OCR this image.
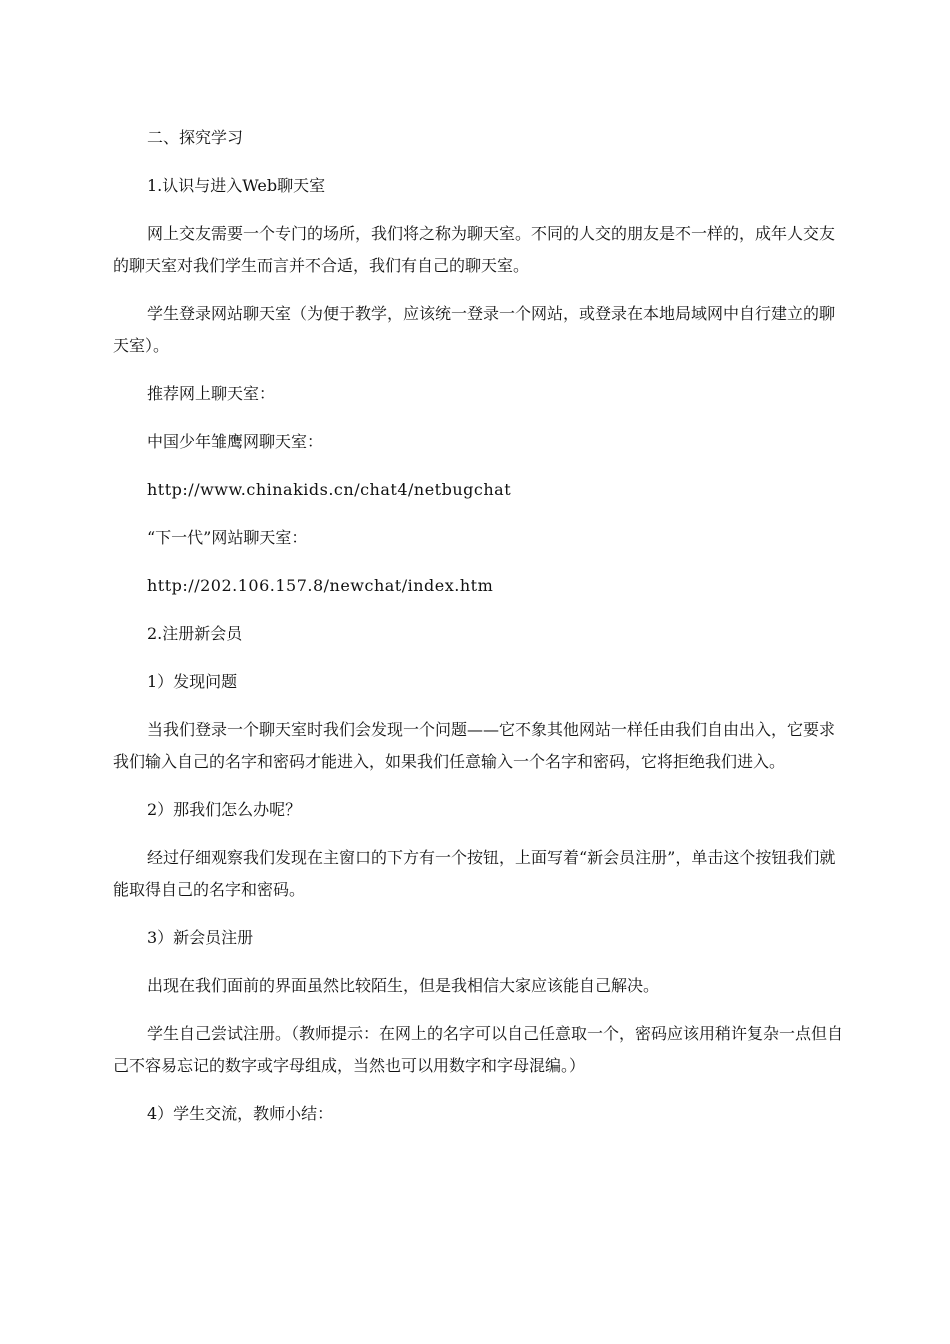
二、探究学习

1.认识与进入Web聊天室

网上交友需要一个专门的场所，我们将之称为聊天室。不同的人交的朋友是不一样的，成年人交友的聊天室对我们学生而言并不合适，我们有自己的聊天室。

学生登录网站聊天室（为便于教学，应该统一登录一个网站，或登录在本地局域网中自行建立的聊天室）。

推荐网上聊天室：

中国少年雏鹰网聊天室：

http://www.chinakids.cn/chat4/netbugchat

“下一代”网站聊天室：

http://202.106.157.8/newchat/index.htm

2.注册新会员

1）发现问题

当我们登录一个聊天室时我们会发现一个问题——它不象其他网站一样任由我们自由出入，它要求我们输入自己的名字和密码才能进入，如果我们任意输入一个名字和密码，它将拒绝我们进入。

2）那我们怎么办呢？

经过仔细观察我们发现在主窗口的下方有一个按钮，上面写着“新会员注册”，单击这个按钮我们就能取得自己的名字和密码。

3）新会员注册

出现在我们面前的界面虽然比较陌生，但是我相信大家应该能自己解决。

学生自己尝试注册。（教师提示：在网上的名字可以自己任意取一个，密码应该用稍许复杂一点但自己不容易忘记的数字或字母组成，当然也可以用数字和字母混编。）

4）学生交流，教师小结：
